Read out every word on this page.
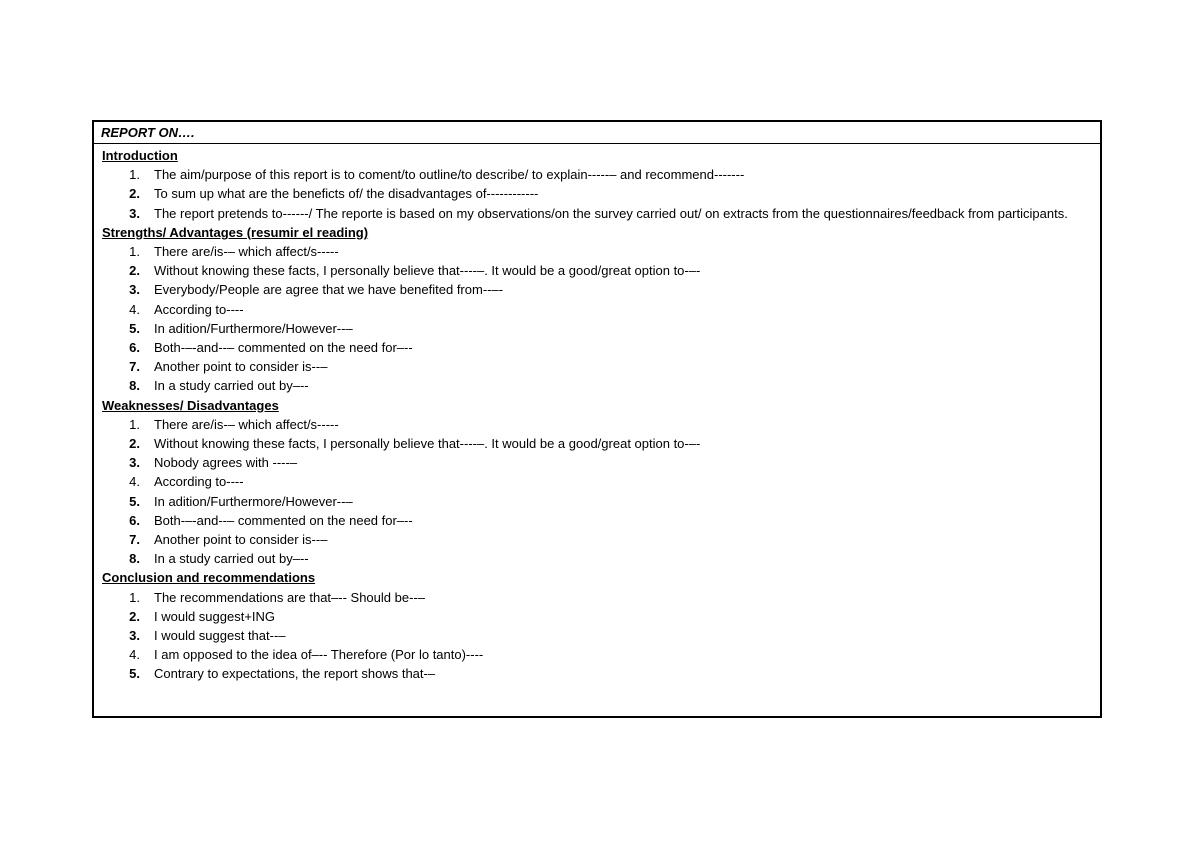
REPORT ON….
Introduction
1.	The aim/purpose of this report is to coment/to outline/to describe/ to explain-----– and recommend-------
2.	To sum up what are the beneficts of/ the disadvantages of------------
3.	The report pretends to------/ The reporte is based on my observations/on the survey carried out/ on extracts from the questionnaires/feedback from participants.
Strengths/ Advantages (resumir el reading)
1.	There are/is-– which affect/s-----
2.	Without knowing these facts, I personally believe that----–. It would be a good/great option to-–-
3.	Everybody/People are agree that we have benefited from--–-
4.	According to----
5.	In adition/Furthermore/However--–
6.	Both-–-and--– commented on the need for–--
7.	Another point to consider is--–
8.	In a study carried out by–--
Weaknesses/ Disadvantages
1.	There are/is-– which affect/s-----
2.	Without knowing these facts, I personally believe that----–. It would be a good/great option to-–-
3.	Nobody agrees with ----–
4.	According to----
5.	In adition/Furthermore/However--–
6.	Both-–-and--– commented on the need for–--
7.	Another point to consider is--–
8.	In a study carried out by–--
Conclusion and recommendations
1.	The recommendations are that–-- Should be--–
2.	I would suggest+ING
3.	I would suggest that--–
4.	I am opposed to the idea of–-- Therefore (Por lo tanto)----
5.	Contrary to expectations, the report shows that-–
